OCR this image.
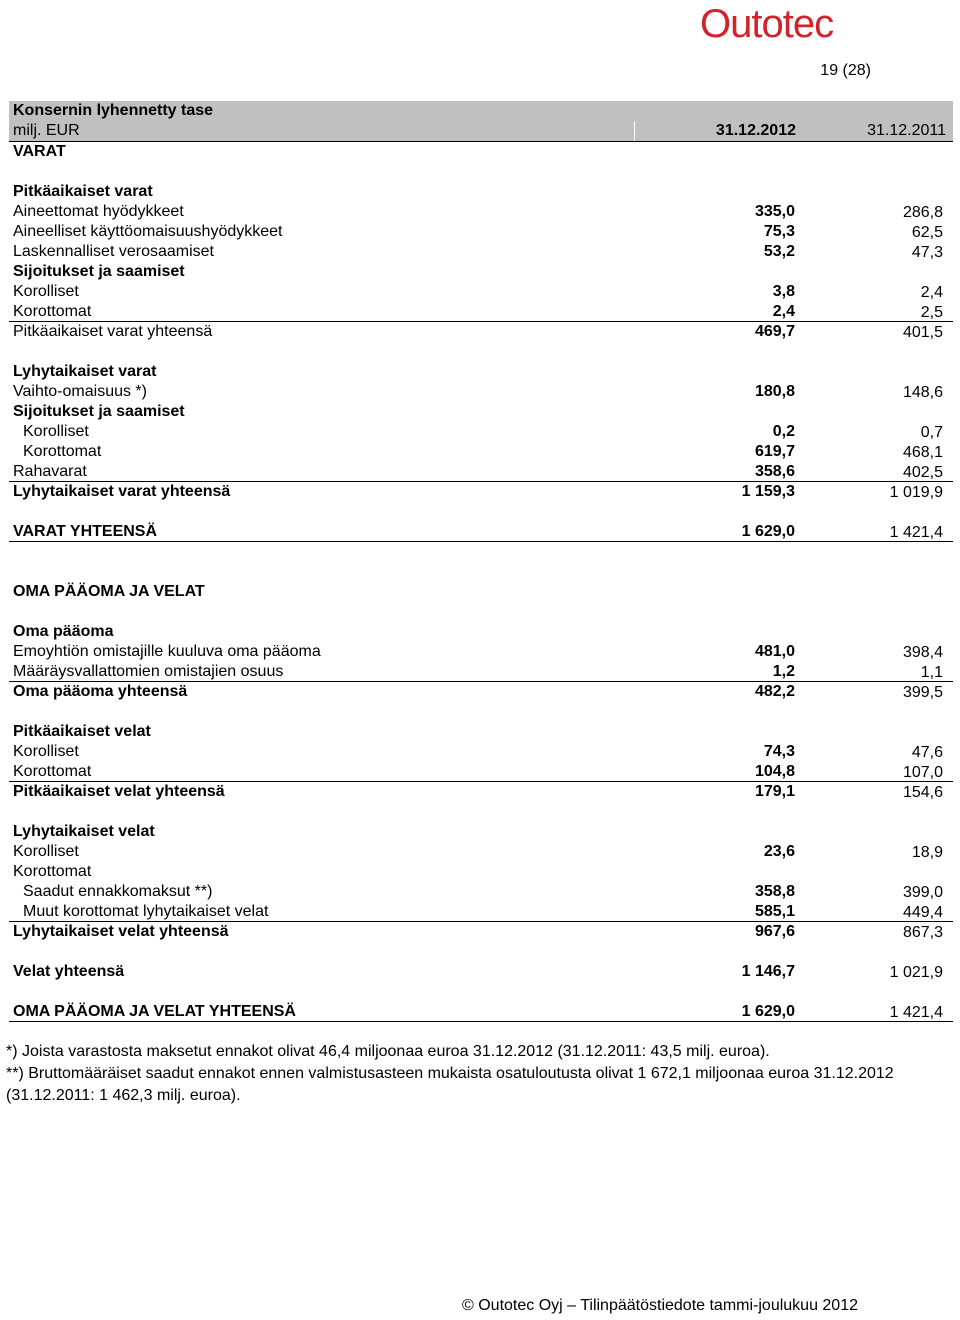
Outotec
19 (28)
Konsernin lyhennetty tase
milj. EUR	31.12.2012	31.12.2011
VARAT
Pitkäaikaiset varat
Aineettomat hyödykkeet	335,0	286,8
Aineelliset käyttöomaisuushyödykkeet	75,3	62,5
Laskennalliset verosaamiset	53,2	47,3
Sijoitukset ja saamiset
Korolliset	3,8	2,4
Korottomat	2,4	2,5
Pitkäaikaiset varat yhteensä	469,7	401,5
Lyhytaikaiset varat
Vaihto-omaisuus *)	180,8	148,6
Sijoitukset ja saamiset
Korolliset	0,2	0,7
Korottomat	619,7	468,1
Rahavarat	358,6	402,5
Lyhytaikaiset varat yhteensä	1 159,3	1 019,9
VARAT YHTEENSÄ	1 629,0	1 421,4
OMA PÄÄOMA JA VELAT
Oma pääoma
Emoyhtiön omistajille kuuluva oma pääoma	481,0	398,4
Määräysvallattomien omistajien osuus	1,2	1,1
Oma pääoma yhteensä	482,2	399,5
Pitkäaikaiset velat
Korolliset	74,3	47,6
Korottomat	104,8	107,0
Pitkäaikaiset velat yhteensä	179,1	154,6
Lyhytaikaiset velat
Korolliset	23,6	18,9
Korottomat
Saadut ennakkomaksut **)	358,8	399,0
Muut korottomat lyhytaikaiset velat	585,1	449,4
Lyhytaikaiset velat yhteensä	967,6	867,3
Velat yhteensä	1 146,7	1 021,9
OMA PÄÄOMA JA VELAT YHTEENSÄ	1 629,0	1 421,4
*) Joista varastosta maksetut ennakot olivat 46,4 miljoonaa euroa 31.12.2012 (31.12.2011: 43,5 milj. euroa).
**) Bruttomääräiset saadut ennakot ennen valmistusasteen mukaista osatuloutusta olivat 1 672,1 miljoonaa euroa 31.12.2012
(31.12.2011: 1 462,3 milj. euroa).
© Outotec Oyj – Tilinpäätöstiedote tammi-joulukuu 2012
